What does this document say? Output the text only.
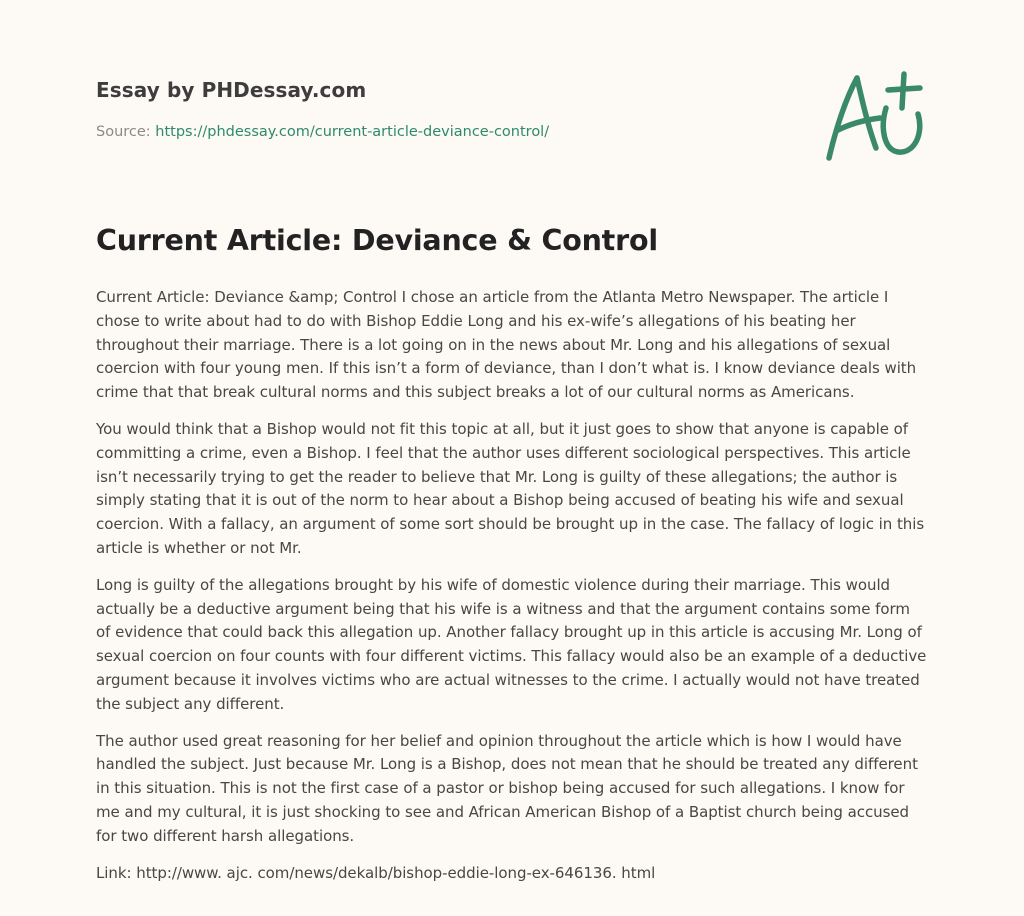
Essay by PHDessay.com
Source: https://phdessay.com/current-article-deviance-control/
Current Article: Deviance & Control

Current Article: Deviance &amp; Control I chose an article from the Atlanta Metro Newspaper. The article I chose to write about had to do with Bishop Eddie Long and his ex-wife’s allegations of his beating her throughout their marriage. There is a lot going on in the news about Mr. Long and his allegations of sexual coercion with four young men. If this isn’t a form of deviance, than I don’t what is. I know deviance deals with crime that that break cultural norms and this subject breaks a lot of our cultural norms as Americans.

You would think that a Bishop would not fit this topic at all, but it just goes to show that anyone is capable of committing a crime, even a Bishop. I feel that the author uses different sociological perspectives. This article isn’t necessarily trying to get the reader to believe that Mr. Long is guilty of these allegations; the author is simply stating that it is out of the norm to hear about a Bishop being accused of beating his wife and sexual coercion. With a fallacy, an argument of some sort should be brought up in the case. The fallacy of logic in this article is whether or not Mr.

Long is guilty of the allegations brought by his wife of domestic violence during their marriage. This would actually be a deductive argument being that his wife is a witness and that the argument contains some form of evidence that could back this allegation up. Another fallacy brought up in this article is accusing Mr. Long of sexual coercion on four counts with four different victims. This fallacy would also be an example of a deductive argument because it involves victims who are actual witnesses to the crime. I actually would not have treated the subject any different.

The author used great reasoning for her belief and opinion throughout the article which is how I would have handled the subject. Just because Mr. Long is a Bishop, does not mean that he should be treated any different in this situation. This is not the first case of a pastor or bishop being accused for such allegations. I know for me and my cultural, it is just shocking to see and African American Bishop of a Baptist church being accused for two different harsh allegations.

Link: http://www. ajc. com/news/dekalb/bishop-eddie-long-ex-646136. html
